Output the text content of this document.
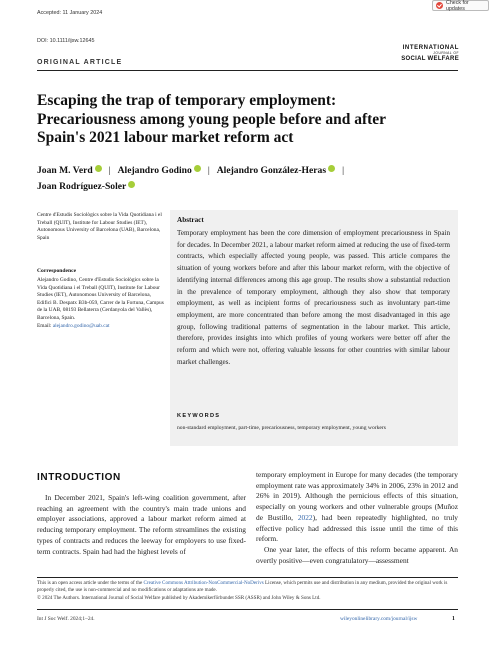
Accepted: 11 January 2024
DOI: 10.1111/ijsw.12645
Check for updates
INTERNATIONAL
JOURNAL OF
SOCIAL WELFARE
ORIGINAL ARTICLE
Escaping the trap of temporary employment: Precariousness among young people before and after Spain's 2021 labour market reform act
Joan M. Verd | Alejandro Godino | Alejandro González-Heras |
Joan Rodríguez-Soler
Centre d'Estudis Sociològics sobre la Vida Quotidiana i el Treball (QUIT), Institute for Labour Studies (IET), Autonomous University of Barcelona (UAB), Barcelona, Spain
Correspondence
Alejandro Godino, Centre d'Estudis Sociològics sobre la Vida Quotidiana i el Treball (QUIT), Institute for Labour Studies (IET), Autonomous University of Barcelona, Edifici B. Despatx B3b-059, Carrer de la Fortuna, Campus de la UAB, 08193 Bellaterra (Cerdanyola del Vallès), Barcelona, Spain.
Email: alejandro.godino@uab.cat
Abstract
Temporary employment has been the core dimension of employment precariousness in Spain for decades. In December 2021, a labour market reform aimed at reducing the use of fixed-term contracts, which especially affected young people, was passed. This article compares the situation of young workers before and after this labour market reform, with the objective of identifying internal differences among this age group. The results show a substantial reduction in the prevalence of temporary employment, although they also show that temporary employment, as well as incipient forms of precariousness such as involuntary part-time employment, are more concentrated than before among the most disadvantaged in this age group, following traditional patterns of segmentation in the labour market. This article, therefore, provides insights into which profiles of young workers were better off after the reform and which were not, offering valuable lessons for other countries with similar labour market challenges.
KEYWORDS
non-standard employment, part-time, precariousness, temporary employment, young workers
INTRODUCTION
In December 2021, Spain's left-wing coalition government, after reaching an agreement with the country's main trade unions and employer associations, approved a labour market reform aimed at reducing temporary employment. The reform streamlines the existing types of contracts and reduces the leeway for employers to use fixed-term contracts. Spain had had the highest levels of

temporary employment in Europe for many decades (the temporary employment rate was approximately 34% in 2006, 23% in 2012 and 26% in 2019). Although the pernicious effects of this situation, especially on young workers and other vulnerable groups (Muñoz de Bustillo, 2022), had been repeatedly highlighted, no truly effective policy had addressed this issue until the time of this reform.

One year later, the effects of this reform became apparent. An overtly positive—even congratulatory—assessment

This is an open access article under the terms of the Creative Commons Attribution-NonCommercial-NoDerivs License, which permits use and distribution in any medium, provided the original work is properly cited, the use is non-commercial and no modifications or adaptations are made.
© 2024 The Authors. International Journal of Social Welfare published by Akademikerförbundet SSR (ASSR) and John Wiley & Sons Ltd.
Int J Soc Welf. 2024;1–24.	wileyonlinelibrary.com/journal/ijsw	1
